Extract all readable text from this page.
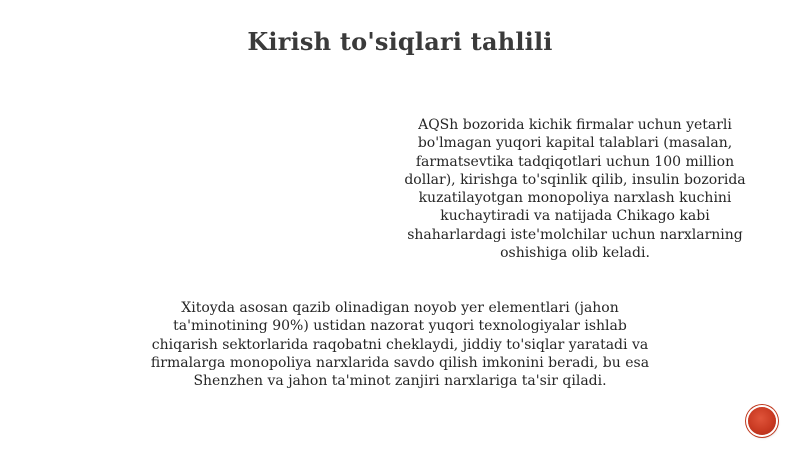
Kirish to'siqlari tahlili
AQSh bozorida kichik firmalar uchun yetarli bo'lmagan yuqori kapital talablari (masalan, farmatsevtika tadqiqotlari uchun 100 million dollar), kirishga to'sqinlik qilib, insulin bozorida kuzatilayotgan monopoliya narxlash kuchini kuchaytiradi va natijada Chikago kabi shaharlardagi iste'molchilar uchun narxlarning oshishiga olib keladi.
Xitoyda asosan qazib olinadigan noyob yer elementlari (jahon ta'minotining 90%) ustidan nazorat yuqori texnologiyalar ishlab chiqarish sektorlarida raqobatni cheklaydi, jiddiy to'siqlar yaratadi va firmalarga monopoliya narxlarida savdo qilish imkonini beradi, bu esa Shenzhen va jahon ta'minot zanjiri narxlariga ta'sir qiladi.
